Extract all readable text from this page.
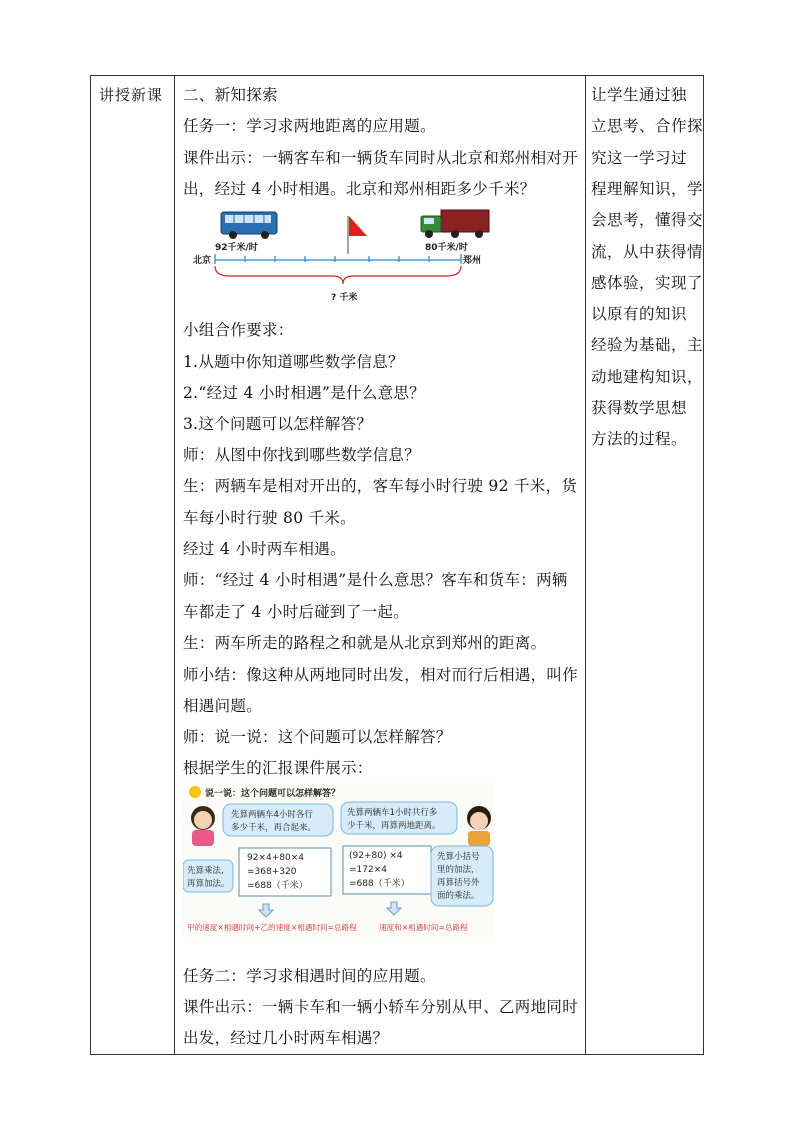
讲授新课 二、新知探索
任务一：学习求两地距离的应用题。
课件出示：一辆客车和一辆货车同时从北京和郑州相对开
出，经过 4 小时相遇。北京和郑州相距多少千米？
92千米/时	80千米/时
北京	郑州
? 千米
小组合作要求：
1.从题中你知道哪些数学信息？
2.“经过 4 小时相遇”是什么意思？
3.这个问题可以怎样解答？
师：从图中你找到哪些数学信息？
生：两辆车是相对开出的，客车每小时行驶 92 千米，货
车每小时行驶 80 千米。
经过 4 小时两车相遇。
师：“经过 4 小时相遇”是什么意思？客车和货车：两辆
车都走了 4 小时后碰到了一起。
生：两车所走的路程之和就是从北京到郑州的距离。
师小结：像这种从两地同时出发，相对而行后相遇，叫作
相遇问题。
师：说一说：这个问题可以怎样解答？
根据学生的汇报课件展示：
说一说：这个问题可以怎样解答？
先算两辆车4小时各行
多少千米，再合起来。
先算两辆车1小时共行多
少千米，再算两地距离。
先算乘法,
再算加法。
92×4+80×4
=368+320
=688（千米）
(92+80) ×4
=172×4
=688（千米）
先算小括号
里的加法，
再算括号外
面的乘法。
甲的速度×相遇时间+乙的速度×相遇时间=总路程	速度和×相遇时间=总路程
任务二：学习求相遇时间的应用题。
课件出示：一辆卡车和一辆小轿车分别从甲、乙两地同时
出发，经过几小时两车相遇？
让学生通过独
立思考、合作探
究这一学习过
程理解知识，学
会思考，懂得交
流，从中获得情
感体验，实现了
以原有的知识
经验为基础，主
动地建构知识，
获得数学思想
方法的过程。
